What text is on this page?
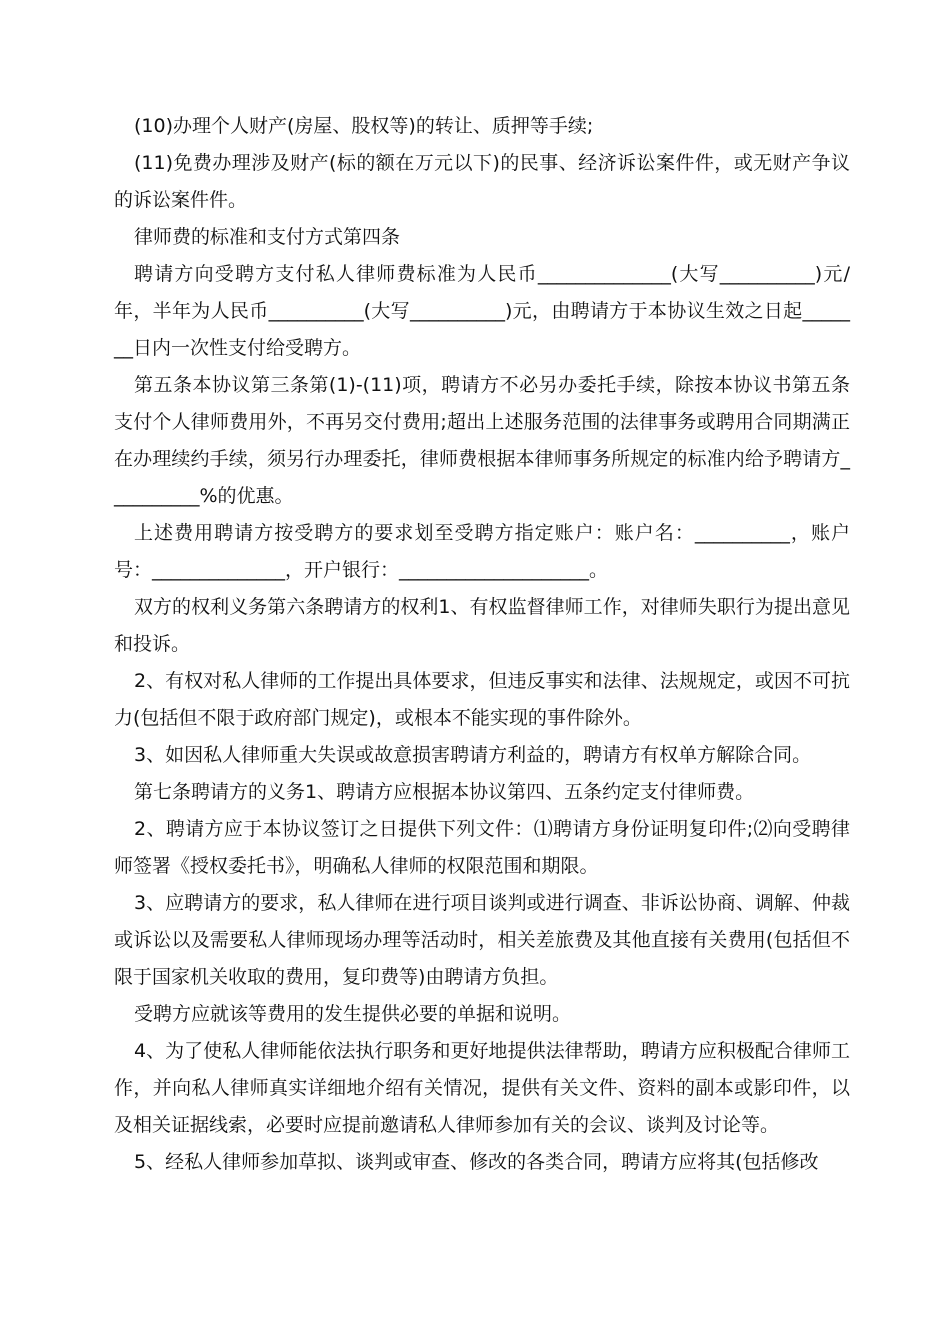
(10)办理个人财产(房屋、股权等)的转让、质押等手续;

(11)免费办理涉及财产(标的额在万元以下)的民事、经济诉讼案件件，或无财产争议的诉讼案件件。

律师费的标准和支付方式第四条

聘请方向受聘方支付私人律师费标准为人民币______________(大写__________)元/年，半年为人民币__________(大写__________)元，由聘请方于本协议生效之日起_______日内一次性支付给受聘方。

第五条本协议第三条第(1)-(11)项，聘请方不必另办委托手续，除按本协议书第五条支付个人律师费用外，不再另交付费用;超出上述服务范围的法律事务或聘用合同期满正在办理续约手续，须另行办理委托，律师费根据本律师事务所规定的标准内给予聘请方__________%的优惠。

上述费用聘请方按受聘方的要求划至受聘方指定账户：账户名：__________，账户号：______________，开户银行：____________________。

双方的权利义务第六条聘请方的权利1、有权监督律师工作，对律师失职行为提出意见和投诉。

2、有权对私人律师的工作提出具体要求，但违反事实和法律、法规规定，或因不可抗力(包括但不限于政府部门规定)，或根本不能实现的事件除外。

3、如因私人律师重大失误或故意损害聘请方利益的，聘请方有权单方解除合同。

第七条聘请方的义务1、聘请方应根据本协议第四、五条约定支付律师费。

2、聘请方应于本协议签订之日提供下列文件：⑴聘请方身份证明复印件;⑵向受聘律师签署《授权委托书》，明确私人律师的权限范围和期限。

3、应聘请方的要求，私人律师在进行项目谈判或进行调查、非诉讼协商、调解、仲裁或诉讼以及需要私人律师现场办理等活动时，相关差旅费及其他直接有关费用(包括但不限于国家机关收取的费用，复印费等)由聘请方负担。

受聘方应就该等费用的发生提供必要的单据和说明。

4、为了使私人律师能依法执行职务和更好地提供法律帮助，聘请方应积极配合律师工作，并向私人律师真实详细地介绍有关情况，提供有关文件、资料的副本或影印件，以及相关证据线索，必要时应提前邀请私人律师参加有关的会议、谈判及讨论等。

5、经私人律师参加草拟、谈判或审查、修改的各类合同，聘请方应将其(包括修改
